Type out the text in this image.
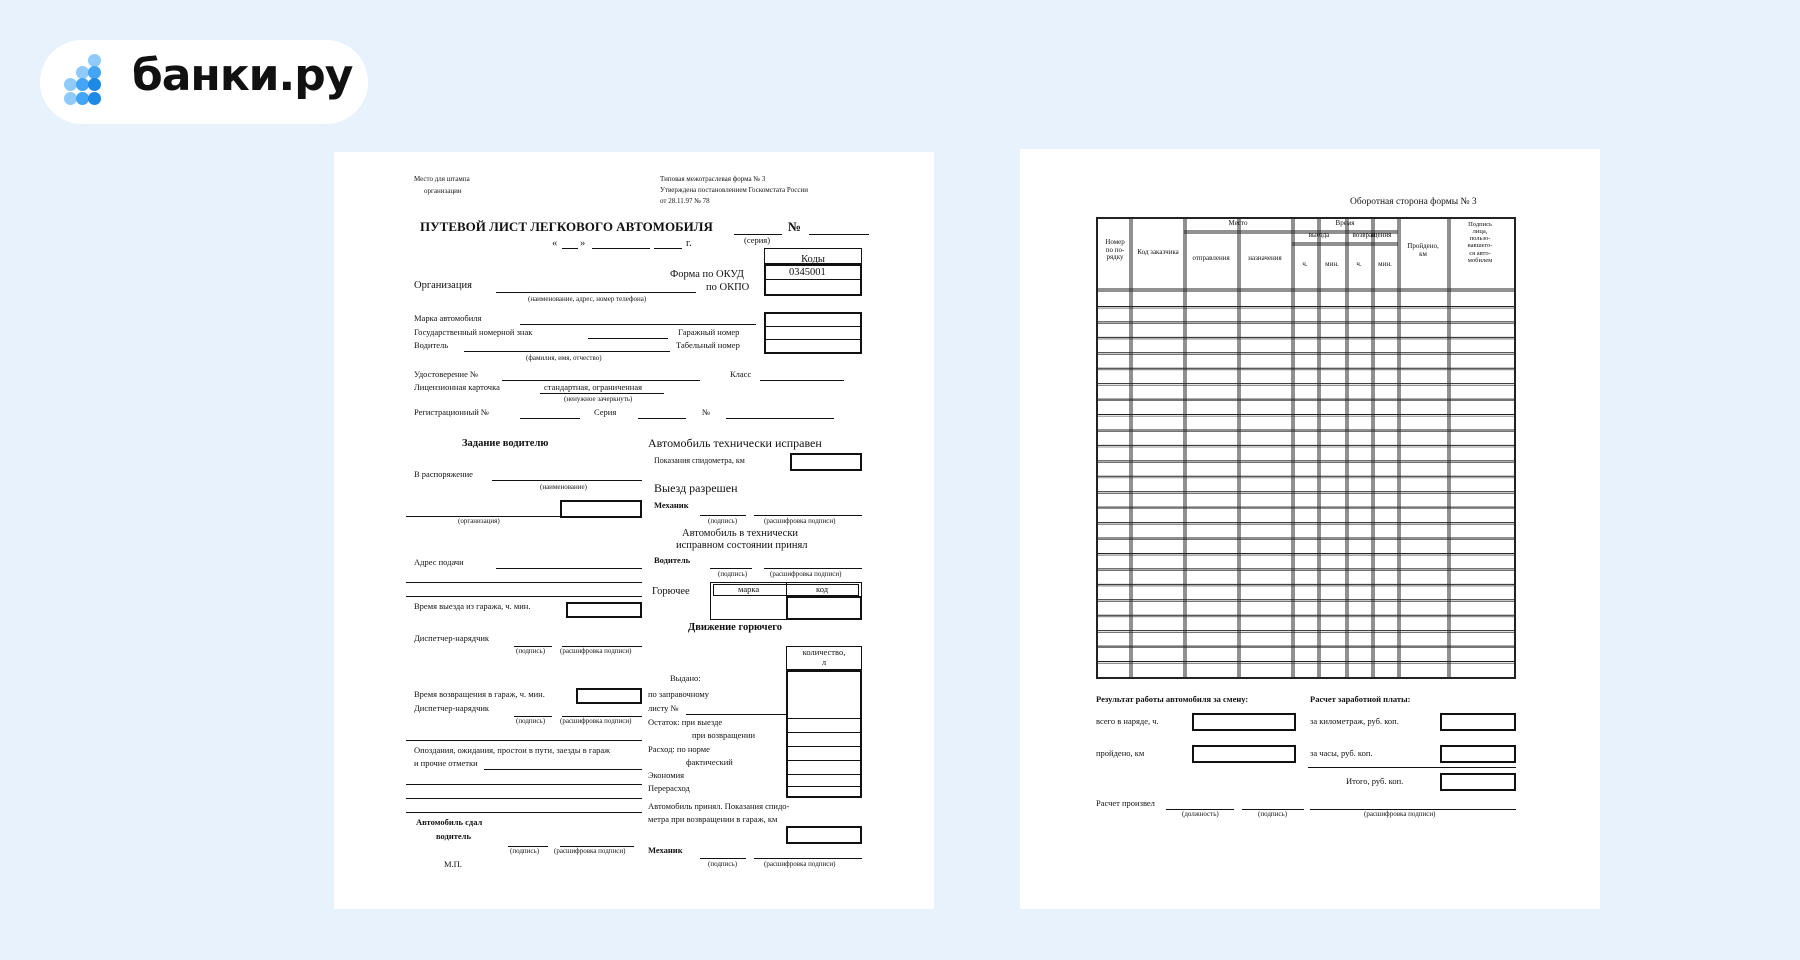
банки.ру
Место для штампа
организации
Типовая межотраслевая форма № 3
Утверждена постановлением Госкомстата России
от 28.11.97 № 78
ПУТЕВОЙ ЛИСТ ЛЕГКОВОГО АВТОМОБИЛЯ	№
(серия)
« »	г.
Коды
0345001
Форма по ОКУД
по ОКПО
Организация
(наименование, адрес, номер телефона)
Марка автомобиля
Государственный номерной знак	Гаражный номер
Водитель	Табельный номер
(фамилия, имя, отчество)
Удостоверение №	Класс
Лицензионная карточка	стандартная, ограниченная
(ненужное зачеркнуть)
Регистрационный №	Серия	№
Задание водителю
В распоряжение
(наименование)
(организация)
Адрес подачи
Время выезда из гаража, ч. мин.
Диспетчер-нарядчик
(подпись) (расшифровка подписи)
Время возвращения в гараж, ч. мин.
Диспетчер-нарядчик
(подпись) (расшифровка подписи)
Опоздания, ожидания, простои в пути, заезды в гараж
и прочие отметки
Автомобиль сдал
водитель
(подпись) (расшифровка подписи)
М.П.
Автомобиль технически исправен
Показания спидометра, км
Выезд разрешен
Механик
(подпись)	(расшифровка подписи)
Автомобиль в технически
исправном состоянии принял
Водитель
(подпись)	(расшифровка подписи)
Горючее	марка	код
Движение горючего
количество,
л
Выдано:
по заправочному
листу №
Остаток: при выезде
при возвращении
Расход: по норме
фактический
Экономия
Перерасход
Автомобиль принял. Показания спидо-
метра при возвращении в гараж, км
Механик
(подпись)	(расшифровка подписи)
Оборотная сторона формы № 3
Номер
по по-
рядку
Код заказчика
Место
отправления	назначения
Время
выезда	возвращения
ч.	мин.	ч.	мин.
Пройдено,
км
Подпись
лица,
пользо-
вавшего-
ся авто-
мобилем
Результат работы автомобиля за смену:
всего в наряде, ч.
пройдено, км
Расчет заработной платы:
за километраж, руб. коп.
за часы, руб. коп.
Итого, руб. коп.
Расчет произвел
(должность)	(подпись)	(расшифровка подписи)
